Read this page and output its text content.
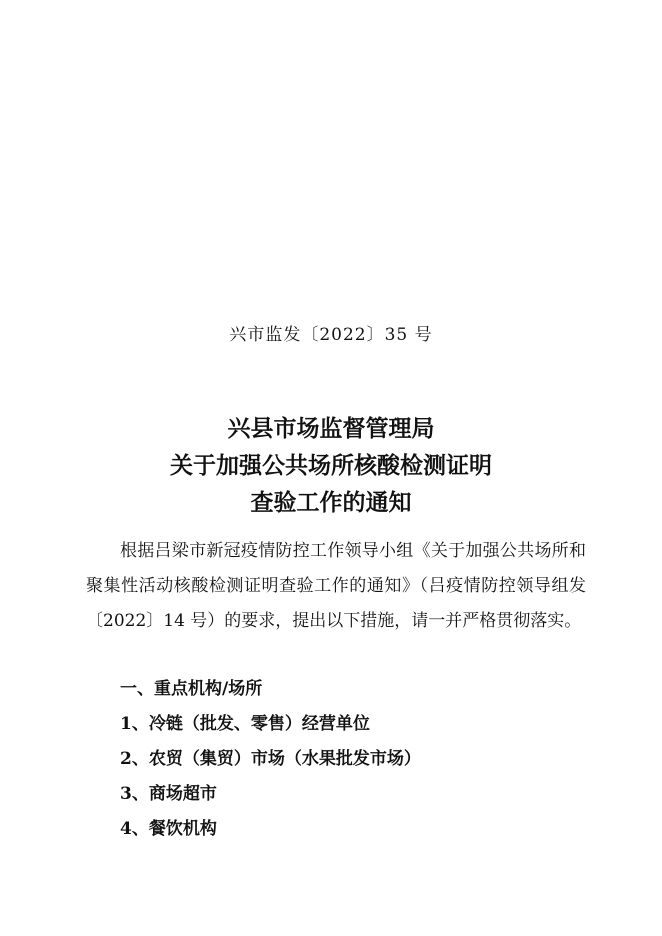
兴市监发〔2022〕35 号
兴县市场监督管理局
关于加强公共场所核酸检测证明
查验工作的通知
根据吕梁市新冠疫情防控工作领导小组《关于加强公共场所和聚集性活动核酸检测证明查验工作的通知》（吕疫情防控领导组发〔2022〕14 号）的要求，提出以下措施，请一并严格贯彻落实。
一、重点机构/场所
1、冷链（批发、零售）经营单位
2、农贸（集贸）市场（水果批发市场）
3、商场超市
4、餐饮机构
